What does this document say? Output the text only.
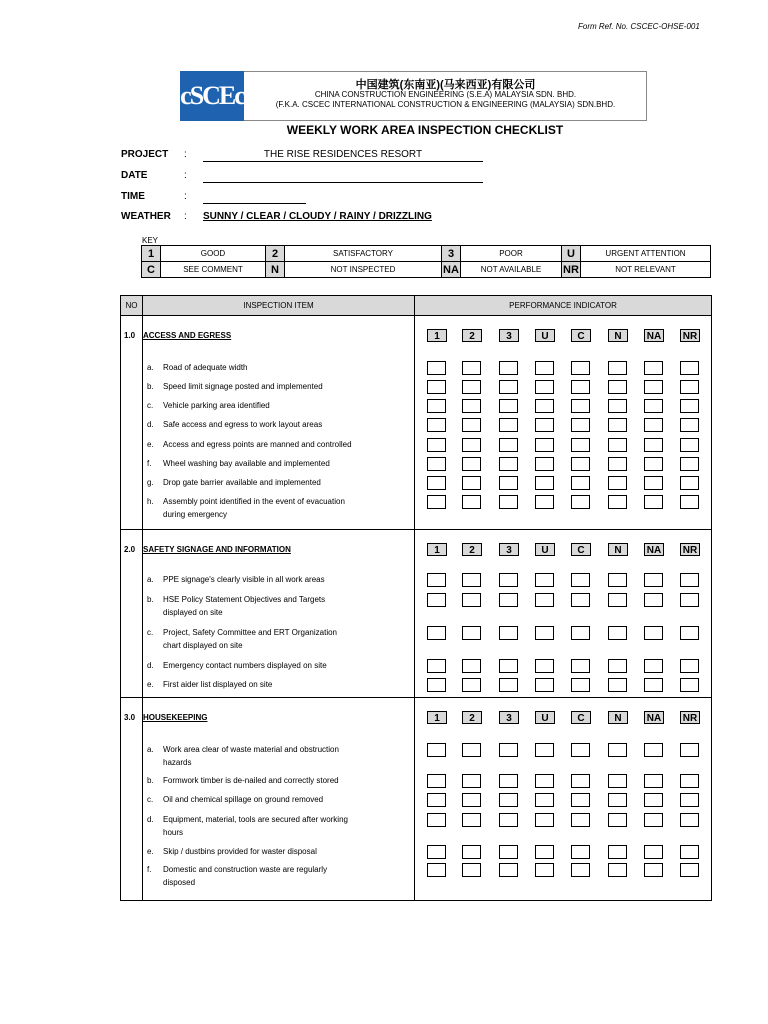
Form Ref. No. CSCEC-OHSE-001
cSCEc	中国建筑(东南亚)(马来西亚)有限公司
CHINA CONSTRUCTION ENGINEERING (S.E.A) MALAYSIA SDN. BHD.
(F.K.A. CSCEC INTERNATIONAL CONSTRUCTION & ENGINEERING (MALAYSIA) SDN.BHD.
WEEKLY WORK AREA INSPECTION CHECKLIST
PROJECT :	THE RISE RESIDENCES RESORT
DATE	:
TIME	:
WEATHER : SUNNY / CLEAR / CLOUDY / RAINY / DRIZZLING
KEY
1	GOOD	2	SATISFACTORY	3	POOR	U	URGENT ATTENTION
C	SEE COMMENT	N	NOT INSPECTED	NA	NOT AVAILABLE	NR	NOT RELEVANT
NO	INSPECTION ITEM	PERFORMANCE INDICATOR

1.0 ACCESS AND EGRESS	1	2	3	U	C	N	NA NR
a. Road of adequate width
b. Speed limit signage posted and implemented
c. Vehicle parking area identified
d. Safe access and egress to work layout areas
e. Access and egress points are manned and controlled
f. Wheel washing bay available and implemented
g. Drop gate barrier available and implemented
h. Assembly point identified in the event of evacuation
during emergency
2.0 SAFETY SIGNAGE AND INFORMATION	1	2	3	U	C	N	NA NR
a. PPE signage's clearly visible in all work areas
b. HSE Policy Statement Objectives and Targets
displayed on site
c. Project, Safety Committee and ERT Organization
chart displayed on site
d. Emergency contact numbers displayed on site
e. First aider list displayed on site
3.0 HOUSEKEEPING	1	2	3	U	C	N	NA NR
a. Work area clear of waste material and obstruction
hazards
b. Formwork timber is de-nailed and correctly stored
c. Oil and chemical spillage on ground removed
d. Equipment, material, tools are secured after working
hours
e. Skip / dustbins provided for waster disposal
f. Domestic and construction waste are regularly
disposed
